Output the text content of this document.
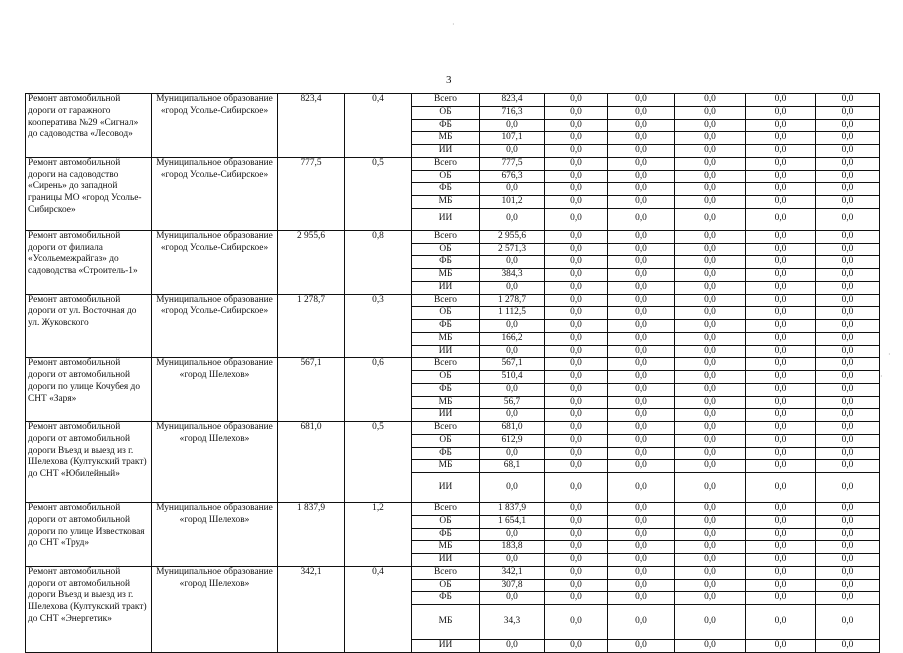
3
Ремонт автомобильной дороги от гаражного кооператива №29 «Сигнал» до садоводства «Лесовод»	Муниципальное образование «город Усолье-Сибирское»	823,4	0,4	Всего	823,4	0,0	0,0	0,0	0,0	0,0
				ОБ	716,3	0,0	0,0	0,0	0,0	0,0
				ФБ	0,0	0,0	0,0	0,0	0,0	0,0
				МБ	107,1	0,0	0,0	0,0	0,0	0,0
				ИИ	0,0	0,0	0,0	0,0	0,0	0,0
Ремонт автомобильной дороги на садоводство «Сирень» до западной границы МО «город Усолье-Сибирское»	Муниципальное образование «город Усолье-Сибирское»	777,5	0,5	Всего	777,5	0,0	0,0	0,0	0,0	0,0
				ОБ	676,3	0,0	0,0	0,0	0,0	0,0
				ФБ	0,0	0,0	0,0	0,0	0,0	0,0
				МБ	101,2	0,0	0,0	0,0	0,0	0,0
				ИИ	0,0	0,0	0,0	0,0	0,0	0,0
Ремонт автомобильной дороги от филиала «Усольемежрайгаз» до садоводства «Строитель-1»	Муниципальное образование «город Усолье-Сибирское»	2 955,6	0,8	Всего	2 955,6	0,0	0,0	0,0	0,0	0,0
				ОБ	2 571,3	0,0	0,0	0,0	0,0	0,0
				ФБ	0,0	0,0	0,0	0,0	0,0	0,0
				МБ	384,3	0,0	0,0	0,0	0,0	0,0
				ИИ	0,0	0,0	0,0	0,0	0,0	0,0
Ремонт автомобильной дороги от ул. Восточная до ул. Жуковского	Муниципальное образование «город Усолье-Сибирское»	1 278,7	0,3	Всего	1 278,7	0,0	0,0	0,0	0,0	0,0
				ОБ	1 112,5	0,0	0,0	0,0	0,0	0,0
				ФБ	0,0	0,0	0,0	0,0	0,0	0,0
				МБ	166,2	0,0	0,0	0,0	0,0	0,0
				ИИ	0,0	0,0	0,0	0,0	0,0	0,0
Ремонт автомобильной дороги от автомобильной дороги по улице Кочубея до СНТ «Заря»	Муниципальное образование «город Шелехов»	567,1	0,6	Всего	567,1	0,0	0,0	0,0	0,0	0,0
				ОБ	510,4	0,0	0,0	0,0	0,0	0,0
				ФБ	0,0	0,0	0,0	0,0	0,0	0,0
				МБ	56,7	0,0	0,0	0,0	0,0	0,0
				ИИ	0,0	0,0	0,0	0,0	0,0	0,0
Ремонт автомобильной дороги от автомобильной дороги Въезд и выезд из г. Шелехова (Култукский тракт) до СНТ «Юбилейный»	Муниципальное образование «город Шелехов»	681,0	0,5	Всего	681,0	0,0	0,0	0,0	0,0	0,0
				ОБ	612,9	0,0	0,0	0,0	0,0	0,0
				ФБ	0,0	0,0	0,0	0,0	0,0	0,0
				МБ	68,1	0,0	0,0	0,0	0,0	0,0
				ИИ	0,0	0,0	0,0	0,0	0,0	0,0
Ремонт автомобильной дороги от автомобильной дороги по улице Известковая до СНТ «Труд»	Муниципальное образование «город Шелехов»	1 837,9	1,2	Всего	1 837,9	0,0	0,0	0,0	0,0	0,0
				ОБ	1 654,1	0,0	0,0	0,0	0,0	0,0
				ФБ	0,0	0,0	0,0	0,0	0,0	0,0
				МБ	183,8	0,0	0,0	0,0	0,0	0,0
				ИИ	0,0	0,0	0,0	0,0	0,0	0,0
Ремонт автомобильной дороги от автомобильной дороги Въезд и выезд из г. Шелехова (Култукский тракт) до СНТ «Энергетик»	Муниципальное образование «город Шелехов»	342,1	0,4	Всего	342,1	0,0	0,0	0,0	0,0	0,0
				ОБ	307,8	0,0	0,0	0,0	0,0	0,0
				ФБ	0,0	0,0	0,0	0,0	0,0	0,0
				МБ	34,3	0,0	0,0	0,0	0,0	0,0
				ИИ	0,0	0,0	0,0	0,0	0,0	0,0
·
·
·
